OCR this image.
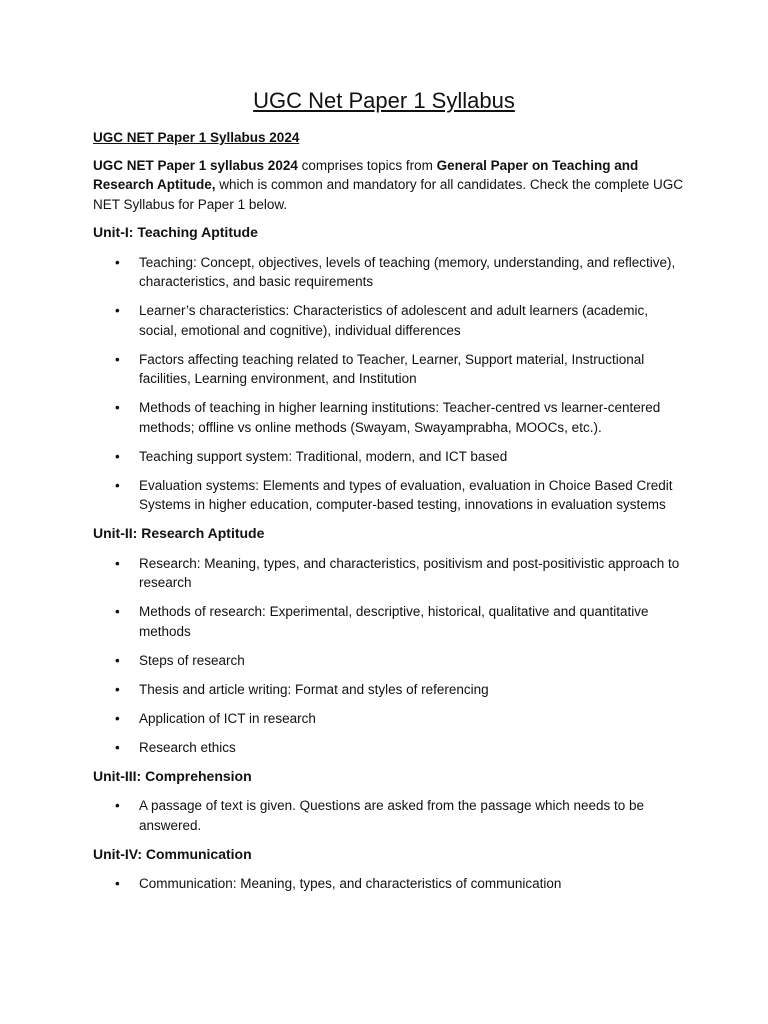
UGC Net Paper 1 Syllabus

UGC NET Paper 1 Syllabus 2024

UGC NET Paper 1 syllabus 2024 comprises topics from General Paper on Teaching and Research Aptitude, which is common and mandatory for all candidates. Check the complete UGC NET Syllabus for Paper 1 below.

Unit-I: Teaching Aptitude

• Teaching: Concept, objectives, levels of teaching (memory, understanding, and reflective), characteristics, and basic requirements
• Learner’s characteristics: Characteristics of adolescent and adult learners (academic, social, emotional and cognitive), individual differences
• Factors affecting teaching related to Teacher, Learner, Support material, Instructional facilities, Learning environment, and Institution
• Methods of teaching in higher learning institutions: Teacher-centred vs learner-centered methods; offline vs online methods (Swayam, Swayamprabha, MOOCs, etc.).
• Teaching support system: Traditional, modern, and ICT based
• Evaluation systems: Elements and types of evaluation, evaluation in Choice Based Credit Systems in higher education, computer-based testing, innovations in evaluation systems

Unit-II: Research Aptitude

• Research: Meaning, types, and characteristics, positivism and post-positivistic approach to research
• Methods of research: Experimental, descriptive, historical, qualitative and quantitative methods
• Steps of research
• Thesis and article writing: Format and styles of referencing
• Application of ICT in research
• Research ethics

Unit-III: Comprehension

• A passage of text is given. Questions are asked from the passage which needs to be answered.

Unit-IV: Communication

• Communication: Meaning, types, and characteristics of communication
